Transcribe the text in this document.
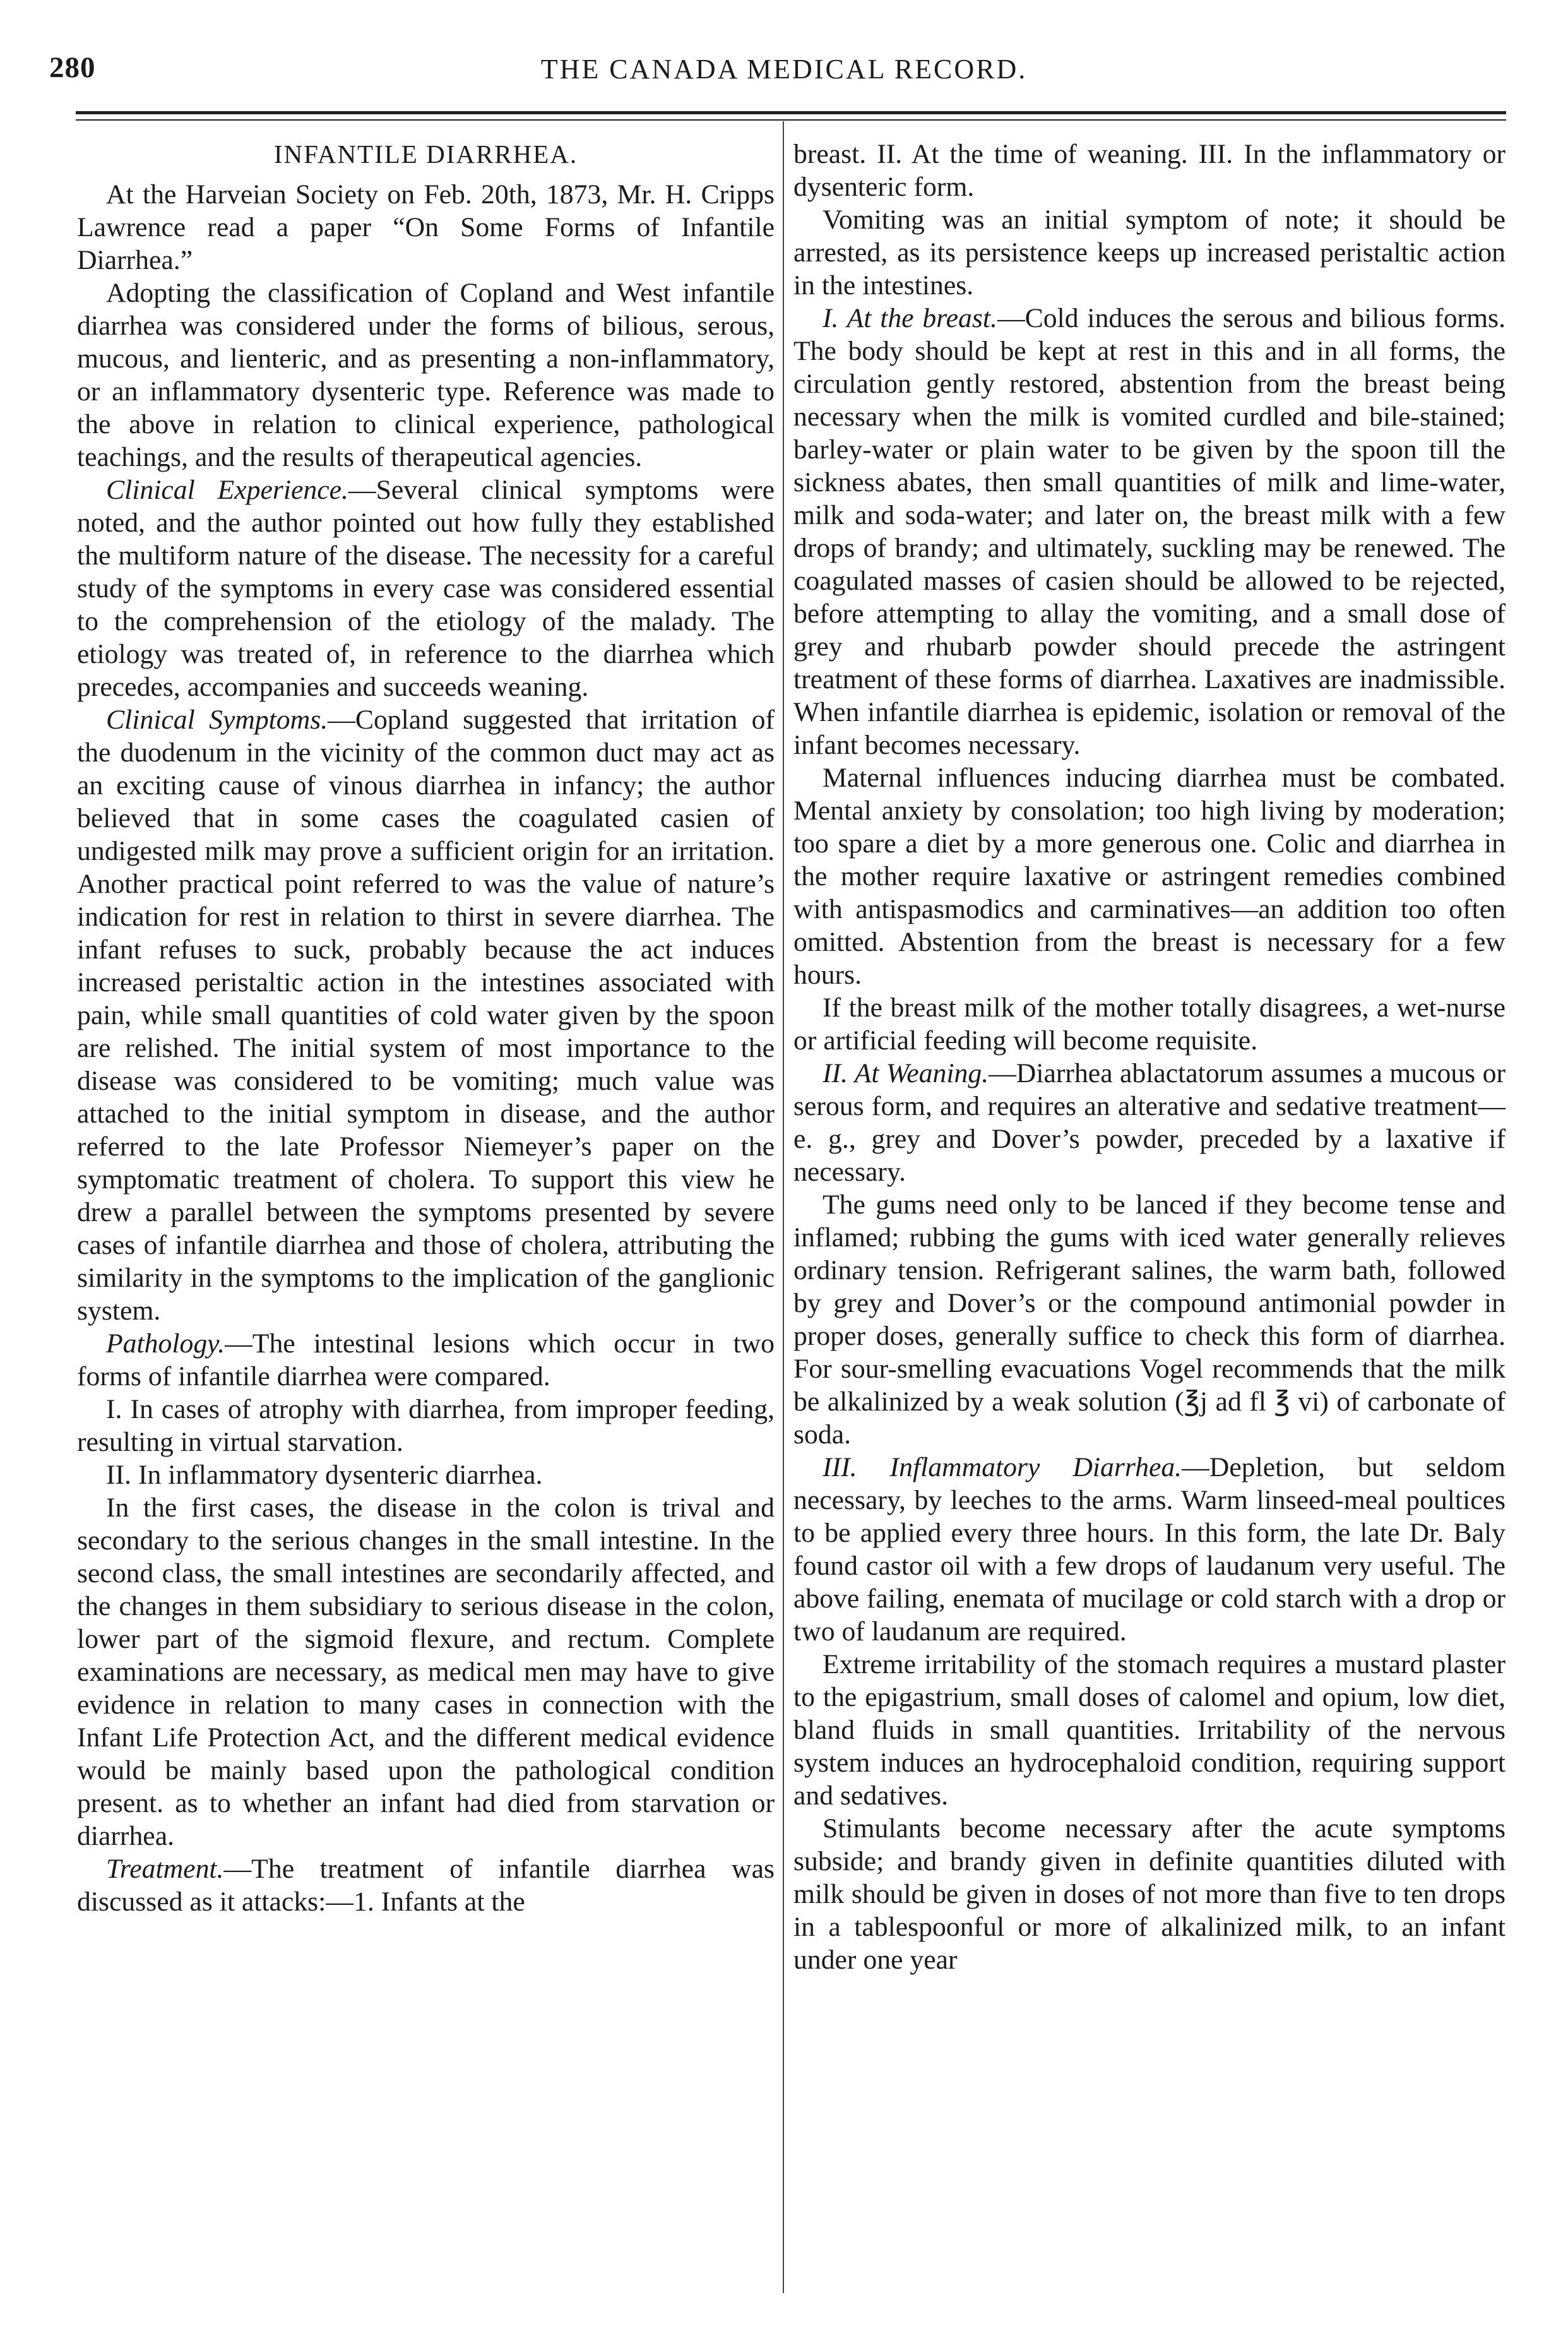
280	THE CANADA MEDICAL RECORD.
INFANTILE DIARRHEA.

At the Harveian Society on Feb. 20th, 1873, Mr. H. Cripps Lawrence read a paper “On Some Forms of Infantile Diarrhea.”

Adopting the classification of Copland and West infantile diarrhea was considered under the forms of bilious, serous, mucous, and lienteric, and as presenting a non-inflammatory, or an inflammatory dysenteric type. Reference was made to the above in relation to clinical experience, pathological teachings, and the results of therapeutical agencies.

Clinical Experience.—Several clinical symptoms were noted, and the author pointed out how fully they established the multiform nature of the disease. The necessity for a careful study of the symptoms in every case was considered essential to the comprehension of the etiology of the malady. The etiology was treated of, in reference to the diarrhea which precedes, accompanies and succeeds weaning.

Clinical Symptoms.—Copland suggested that irritation of the duodenum in the vicinity of the common duct may act as an exciting cause of vinous diarrhea in infancy; the author believed that in some cases the coagulated casien of undigested milk may prove a sufficient origin for an irritation. Another practical point referred to was the value of nature’s indication for rest in relation to thirst in severe diarrhea. The infant refuses to suck, probably because the act induces increased peristaltic action in the intestines associated with pain, while small quantities of cold water given by the spoon are relished. The initial system of most importance to the disease was considered to be vomiting; much value was attached to the initial symptom in disease, and the author referred to the late Professor Niemeyer’s paper on the symptomatic treatment of cholera. To support this view he drew a parallel between the symptoms presented by severe cases of infantile diarrhea and those of cholera, attributing the similarity in the symptoms to the implication of the ganglionic system.

Pathology.—The intestinal lesions which occur in two forms of infantile diarrhea were compared.

I. In cases of atrophy with diarrhea, from improper feeding, resulting in virtual starvation.

II. In inflammatory dysenteric diarrhea.

In the first cases, the disease in the colon is trival and secondary to the serious changes in the small intestine. In the second class, the small intestines are secondarily affected, and the changes in them subsidiary to serious disease in the colon, lower part of the sigmoid flexure, and rectum. Complete examinations are necessary, as medical men may have to give evidence in relation to many cases in connection with the Infant Life Protection Act, and the different medical evidence would be mainly based upon the pathological condition present. as to whether an infant had died from starvation or diarrhea.

Treatment.—The treatment of infantile diarrhea was discussed as it attacks:—1. Infants at the

breast. II. At the time of weaning. III. In the inflammatory or dysenteric form.

Vomiting was an initial symptom of note; it should be arrested, as its persistence keeps up increased peristaltic action in the intestines.

I. At the breast.—Cold induces the serous and bilious forms. The body should be kept at rest in this and in all forms, the circulation gently restored, abstention from the breast being necessary when the milk is vomited curdled and bile-stained; barley-water or plain water to be given by the spoon till the sickness abates, then small quantities of milk and lime-water, milk and soda-water; and later on, the breast milk with a few drops of brandy; and ultimately, suckling may be renewed. The coagulated masses of casien should be allowed to be rejected, before attempting to allay the vomiting, and a small dose of grey and rhubarb powder should precede the astringent treatment of these forms of diarrhea. Laxatives are inadmissible. When infantile diarrhea is epidemic, isolation or removal of the infant becomes necessary.

Maternal influences inducing diarrhea must be combated. Mental anxiety by consolation; too high living by moderation; too spare a diet by a more generous one. Colic and diarrhea in the mother require laxative or astringent remedies combined with antispasmodics and carminatives—an addition too often omitted. Abstention from the breast is necessary for a few hours.

If the breast milk of the mother totally disagrees, a wet-nurse or artificial feeding will become requisite.

II. At Weaning.—Diarrhea ablactatorum assumes a mucous or serous form, and requires an alterative and sedative treatment—e. g., grey and Dover’s powder, preceded by a laxative if necessary.

The gums need only to be lanced if they become tense and inflamed; rubbing the gums with iced water generally relieves ordinary tension. Refrigerant salines, the warm bath, followed by grey and Dover’s or the compound antimonial powder in proper doses, generally suffice to check this form of diarrhea. For sour-smelling evacuations Vogel recommends that the milk be alkalinized by a weak solution (℥j ad fl ℥ vi) of carbonate of soda.

III. Inflammatory Diarrhea.—Depletion, but seldom necessary, by leeches to the arms. Warm linseed-meal poultices to be applied every three hours. In this form, the late Dr. Baly found castor oil with a few drops of laudanum very useful. The above failing, enemata of mucilage or cold starch with a drop or two of laudanum are required.

Extreme irritability of the stomach requires a mustard plaster to the epigastrium, small doses of calomel and opium, low diet, bland fluids in small quantities. Irritability of the nervous system induces an hydrocephaloid condition, requiring support and sedatives.

Stimulants become necessary after the acute symptoms subside; and brandy given in definite quantities diluted with milk should be given in doses of not more than five to ten drops in a tablespoonful or more of alkalinized milk, to an infant under one year
